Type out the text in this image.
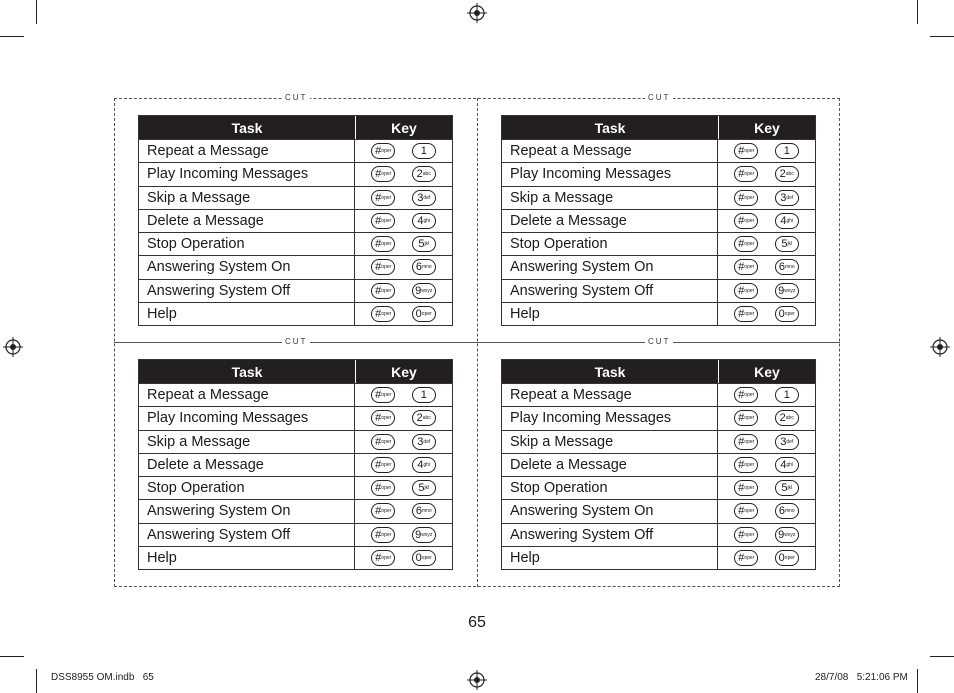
CUT	CUT
CUT	CUT
Task	Key
Repeat a Message	# oper	1
Play Incoming Messages	# oper 2 abc
Skip a Message	# oper 3 def
Delete a Message	# oper 4 ghi
Stop Operation	# oper 5 jkl
Answering System On	# oper 6 mno
Answering System Off	# oper 9 wxyz
Help	# oper 0 oper
Task	Key
Repeat a Message	# oper	1
Play Incoming Messages	# oper 2 abc
Skip a Message	# oper 3 def
Delete a Message	# oper 4 ghi
Stop Operation	# oper 5 jkl
Answering System On	# oper 6 mno
Answering System Off	# oper 9 wxyz
Help	# oper 0 oper
Task	Key
Repeat a Message	# oper	1
Play Incoming Messages	# oper 2 abc
Skip a Message	# oper 3 def
Delete a Message	# oper 4 ghi
Stop Operation	# oper 5 jkl
Answering System On	# oper 6 mno
Answering System Off	# oper 9 wxyz
Help	# oper 0 oper
Task	Key
Repeat a Message	# oper	1
Play Incoming Messages	# oper 2 abc
Skip a Message	# oper 3 def
Delete a Message	# oper 4 ghi
Stop Operation	# oper 5 jkl
Answering System On	# oper 6 mno
Answering System Off	# oper 9 wxyz
Help	# oper 0 oper
65
DSS8955 OM.indb 65	28/7/08   5:21:06 PM
